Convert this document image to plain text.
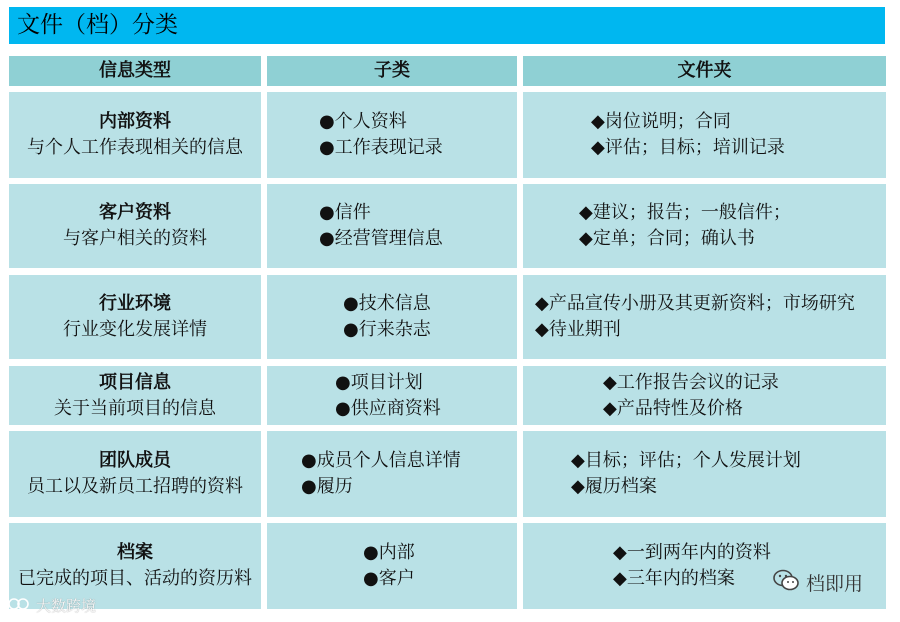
文件（档）分类
信息类型	子类	文件夹
内部资料
与个人工作表现相关的信息
●个人资料
●工作表现记录
◆岗位说明；合同
◆评估；目标；培训记录
客户资料
与客户相关的资料
●信件
●经营管理信息
◆建议；报告；一般信件；
◆定单；合同；确认书
行业环境
行业变化发展详情
●技术信息
●行来杂志
◆产品宣传小册及其更新资料；市场研究
◆待业期刊
项目信息
关于当前项目的信息
●项目计划
●供应商资料
◆工作报告会议的记录
◆产品特性及价格
团队成员
员工以及新员工招聘的资料
●成员个人信息详情
●履历
◆目标；评估；个人发展计划
◆履历档案
档案
已完成的项目、活动的资历料
●内部
●客户
◆一到两年内的资料
◆三年内的档案
大数跨境
档即用
